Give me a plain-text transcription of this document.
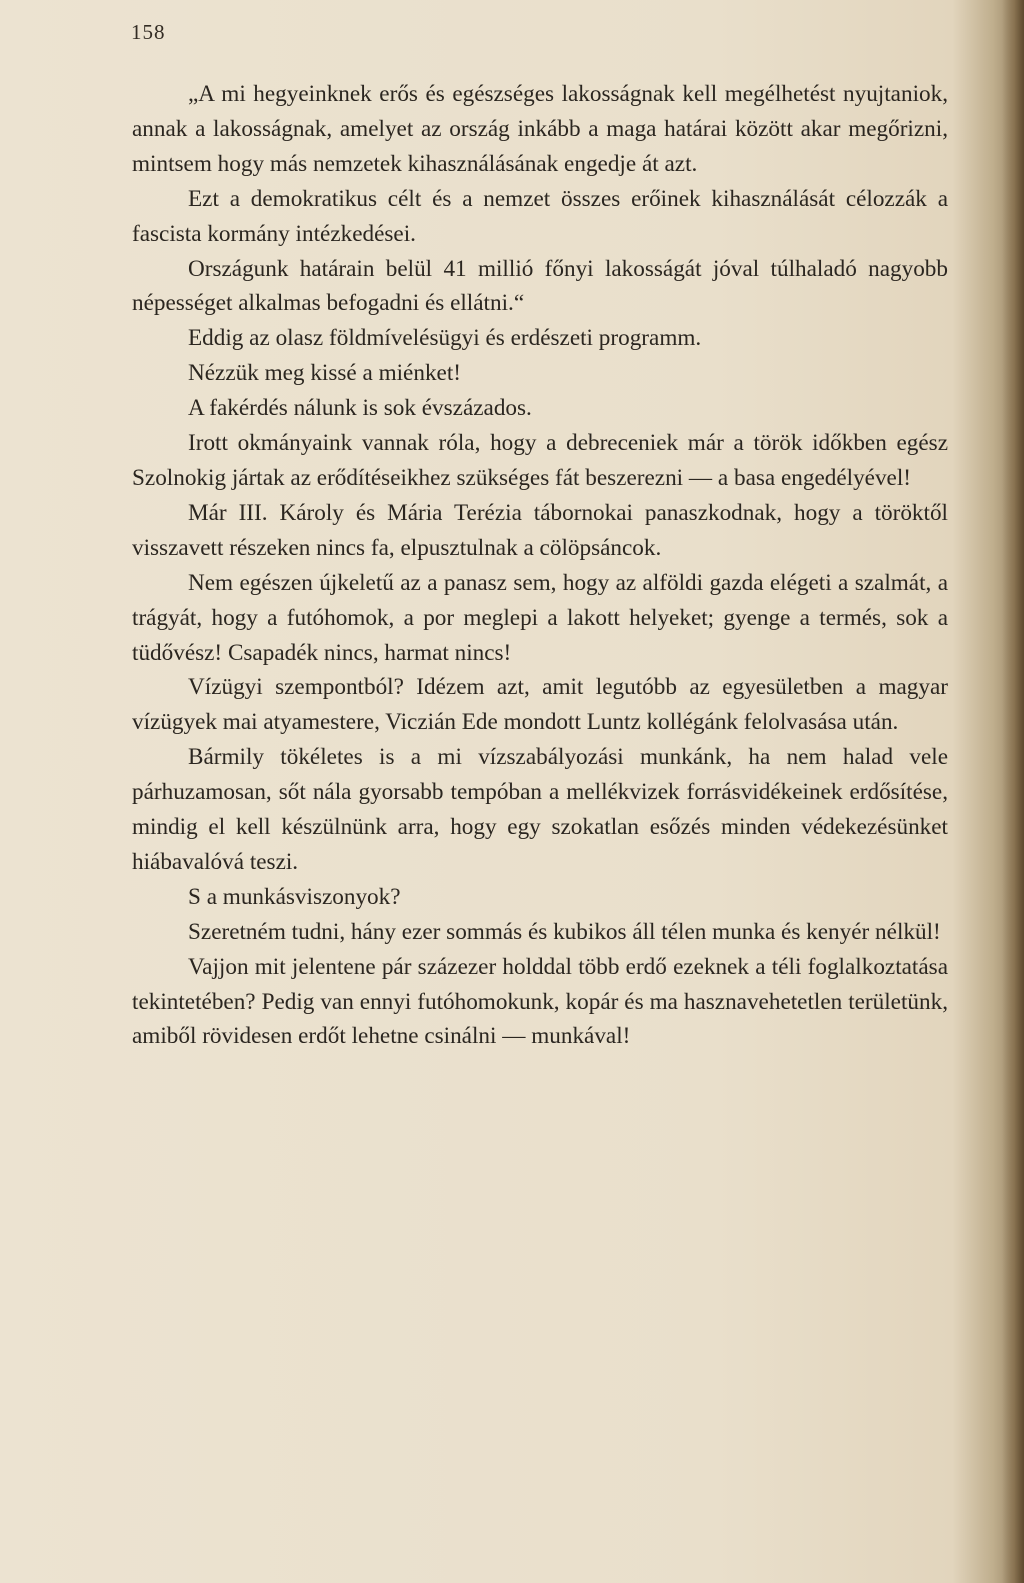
158

„A mi hegyeinknek erős és egészséges lakosságnak kell megélhetést nyujtaniok, annak a lakosságnak, amelyet az ország inkább a maga határai között akar megőrizni, mintsem hogy más nemzetek kihasználásának engedje át azt.

Ezt a demokratikus célt és a nemzet összes erőinek kihasználását célozzák a fascista kormány intézkedései.

Országunk határain belül 41 millió főnyi lakosságát jóval túlhaladó nagyobb népességet alkalmas befogadni és ellátni.“

Eddig az olasz földmívelésügyi és erdészeti programm.

Nézzük meg kissé a miénket!

A fakérdés nálunk is sok évszázados.

Irott okmányaink vannak róla, hogy a debreceniek már a török időkben egész Szolnokig jártak az erődítéseikhez szükséges fát beszerezni — a basa engedélyével!

Már III. Károly és Mária Terézia tábornokai panaszkodnak, hogy a töröktől visszavett részeken nincs fa, elpusztulnak a cölöpsáncok.

Nem egészen újkeletű az a panasz sem, hogy az alföldi gazda elégeti a szalmát, a trágyát, hogy a futóhomok, a por meglepi a lakott helyeket; gyenge a termés, sok a tüdővész! Csapadék nincs, harmat nincs!

Vízügyi szempontból? Idézem azt, amit legutóbb az egyesületben a magyar vízügyek mai atyamestere, Viczián Ede mondott Luntz kollégánk felolvasása után.

Bármily tökéletes is a mi vízszabályozási munkánk, ha nem halad vele párhuzamosan, sőt nála gyorsabb tempóban a mellékvizek forrásvidékeinek erdősítése, mindig el kell készülnünk arra, hogy egy szokatlan esőzés minden védekezésünket hiábavalóvá teszi.

S a munkásviszonyok?

Szeretném tudni, hány ezer sommás és kubikos áll télen munka és kenyér nélkül!

Vajjon mit jelentene pár százezer holddal több erdő ezeknek a téli foglalkoztatása tekintetében? Pedig van ennyi futóhomokunk, kopár és ma hasznavehetetlen területünk, amiből rövidesen erdőt lehetne csinálni — munkával!
